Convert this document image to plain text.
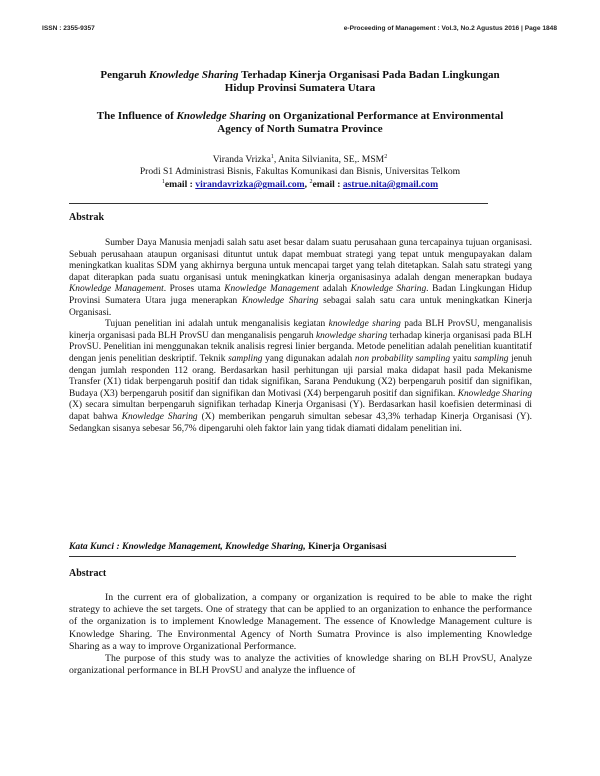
ISSN : 2355-9357	e-Proceeding of Management : Vol.3, No.2 Agustus 2016 | Page 1848
Pengaruh Knowledge Sharing Terhadap Kinerja Organisasi Pada Badan Lingkungan
Hidup Provinsi Sumatera Utara
The Influence of Knowledge Sharing on Organizational Performance at Environmental
Agency of North Sumatra Province
Viranda Vrizka$^1$, Anita Silvianita, SE,. MSM$^2$
Prodi S1 Administrasi Bisnis, Fakultas Komunikasi dan Bisnis, Universitas Telkom
$^1$email : virandavrizka@gmail.com, $^2$email : astrue.nita@gmail.com
Abstrak

Sumber Daya Manusia menjadi salah satu aset besar dalam suatu perusahaan guna tercapainya tujuan organisasi. Sebuah perusahaan ataupun organisasi dituntut untuk dapat membuat strategi yang tepat untuk mengupayakan dalam meningkatkan kualitas SDM yang akhirnya berguna untuk mencapai target yang telah ditetapkan. Salah satu strategi yang dapat diterapkan pada suatu organisasi untuk meningkatkan kinerja organisasinya adalah dengan menerapkan budaya Knowledge Management. Proses utama Knowledge Management adalah Knowledge Sharing. Badan Lingkungan Hidup Provinsi Sumatera Utara juga menerapkan Knowledge Sharing sebagai salah satu cara untuk meningkatkan Kinerja Organisasi.

Tujuan penelitian ini adalah untuk menganalisis kegiatan knowledge sharing pada BLH ProvSU, menganalisis kinerja organisasi pada BLH ProvSU dan menganalisis pengaruh knowledge sharing terhadap kinerja organisasi pada BLH ProvSU. Penelitian ini menggunakan teknik analisis regresi linier berganda. Metode penelitian adalah penelitian kuantitatif dengan jenis penelitian deskriptif. Teknik sampling yang digunakan adalah non probability sampling yaitu sampling jenuh dengan jumlah responden 112 orang. Berdasarkan hasil perhitungan uji parsial maka didapat hasil pada Mekanisme Transfer (X1) tidak berpengaruh positif dan tidak signifikan, Sarana Pendukung (X2) berpengaruh positif dan signifikan, Budaya (X3) berpengaruh positif dan signifikan dan Motivasi (X4) berpengaruh positif dan signifikan. Knowledge Sharing (X) secara simultan berpengaruh signifikan terhadap Kinerja Organisasi (Y). Berdasarkan hasil koefisien determinasi di dapat bahwa Knowledge Sharing (X) memberikan pengaruh simultan sebesar 43,3% terhadap Kinerja Organisasi (Y). Sedangkan sisanya sebesar 56,7% dipengaruhi oleh faktor lain yang tidak diamati didalam penelitian ini.

Kata Kunci : Knowledge Management, Knowledge Sharing, Kinerja Organisasi
Abstract

In the current era of globalization, a company or organization is required to be able to make the right strategy to achieve the set targets. One of strategy that can be applied to an organization to enhance the performance of the organization is to implement Knowledge Management. The essence of Knowledge Management culture is Knowledge Sharing. The Environmental Agency of North Sumatra Province is also implementing Knowledge Sharing as a way to improve Organizational Performance.

The purpose of this study was to analyze the activities of knowledge sharing on BLH ProvSU, Analyze organizational performance in BLH ProvSU and analyze the influence of
